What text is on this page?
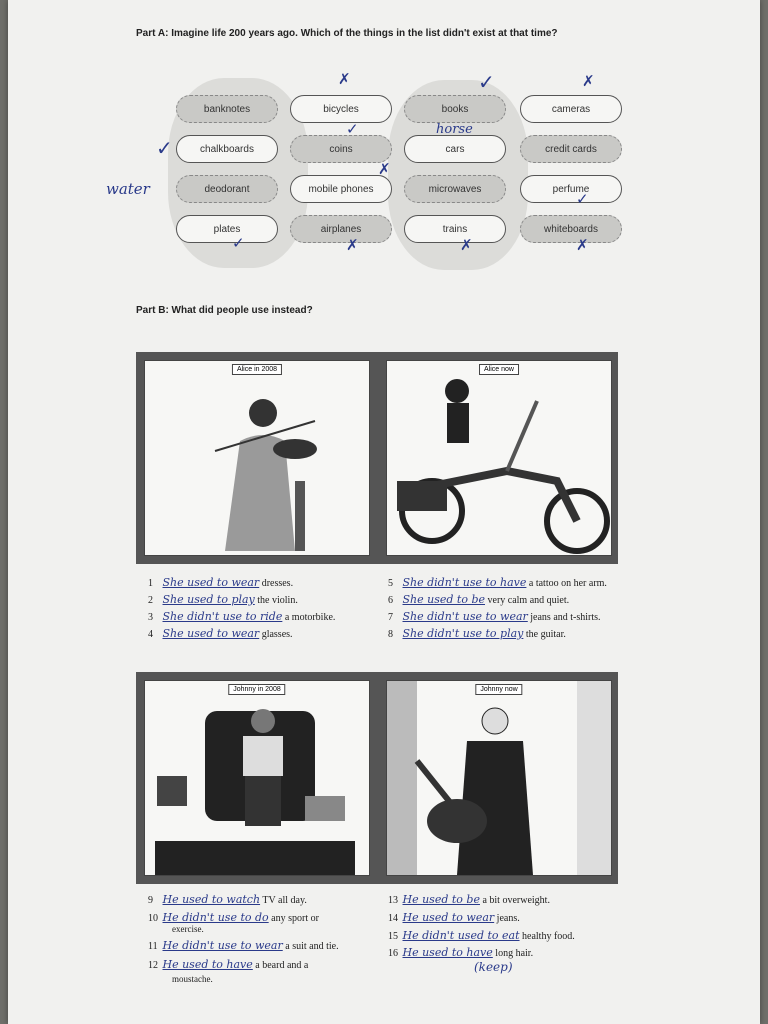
Part A: Imagine life 200 years ago. Which of the things in the list didn't exist at that time?
banknotes	bicycles	books	cameras
chalkboards	coins	cars	credit cards
deodorant	mobile phones	microwaves	perfume
plates	airplanes	trains	whiteboards
✗	✓	✗
✓
✓	horse
✗
water
✓
✓	✗	✗	✗
Part B: What did people use instead?
Alice in 2008	Alice now
1 She used to wear dresses.
2 She used to play the violin.
3 She didn't use to ride a motorbike.
4 She used to wear glasses.
5 She didn't use to have a tattoo on her arm.
6 She used to be very calm and quiet.
7 She didn't use to wear jeans and t-shirts.
8 She didn't use to play the guitar.
Johnny in 2008	Johnny now
9 He used to watch TV all day.
10 He didn't use to do any sport or
exercise.
11 He didn't use to wear a suit and tie.
12 He used to have a beard and a
moustache.
13 He used to be a bit overweight.
14 He used to wear jeans.
15 He didn't used to eat healthy food.
16 He used to have long hair.
(keep)
